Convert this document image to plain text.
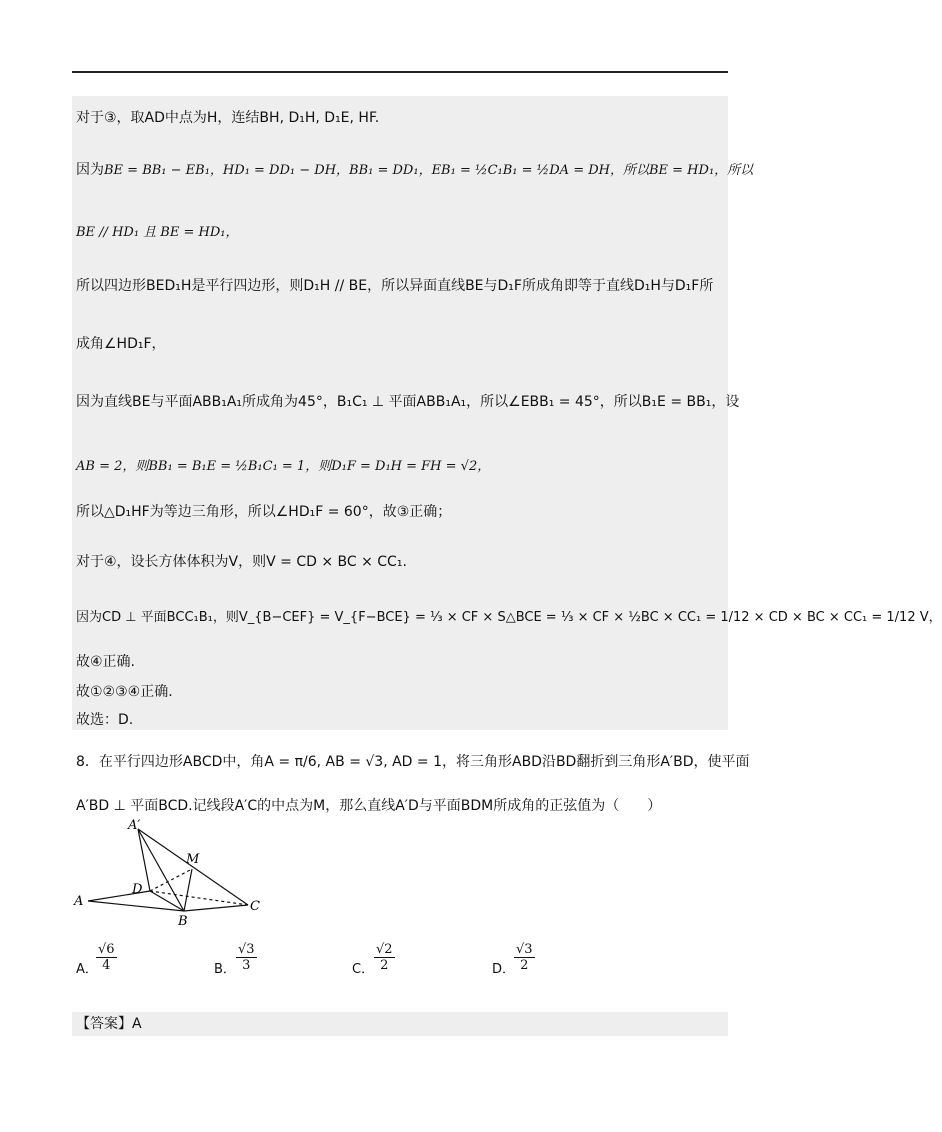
对于③，取AD中点为H，连结BH, D₁H, D₁E, HF.
因为BE = BB₁ − EB₁，HD₁ = DD₁ − DH，BB₁ = DD₁，EB₁ = ½C₁B₁ = ½DA = DH，所以BE = HD₁，所以
BE // HD₁ 且 BE = HD₁，
所以四边形BED₁H是平行四边形，则D₁H // BE，所以异面直线BE与D₁F所成角即等于直线D₁H与D₁F所
成角∠HD₁F，
因为直线BE与平面ABB₁A₁所成角为45°，B₁C₁ ⊥ 平面ABB₁A₁，所以∠EBB₁ = 45°，所以B₁E = BB₁，设
AB = 2，则BB₁ = B₁E = ½B₁C₁ = 1，则D₁F = D₁H = FH = √2，
所以△D₁HF为等边三角形，所以∠HD₁F = 60°，故③正确；
对于④，设长方体体积为V，则V = CD × BC × CC₁.
因为CD ⊥ 平面BCC₁B₁，则V_{B−CEF} = V_{F−BCE} = ⅓ × CF × S△BCE = ⅓ × CF × ½BC × CC₁ = 1/12 × CD × BC × CC₁ = 1/12 V，
故④正确.
故①②③④正确.
故选：D.
8．在平行四边形ABCD中，角A = π/6, AB = √3, AD = 1，将三角形ABD沿BD翻折到三角形A′BD，使平面
A′BD ⊥ 平面BCD.记线段A′C的中点为M，那么直线A′D与平面BDM所成角的正弦值为（　　）
A′
M
D
A
B
C
A．
$\frac{√6}{4}$	B． $\frac{√3}{3}$	C． $\frac{√2}{2}$	D．
$\frac{√3}{2}$
【答案】A
